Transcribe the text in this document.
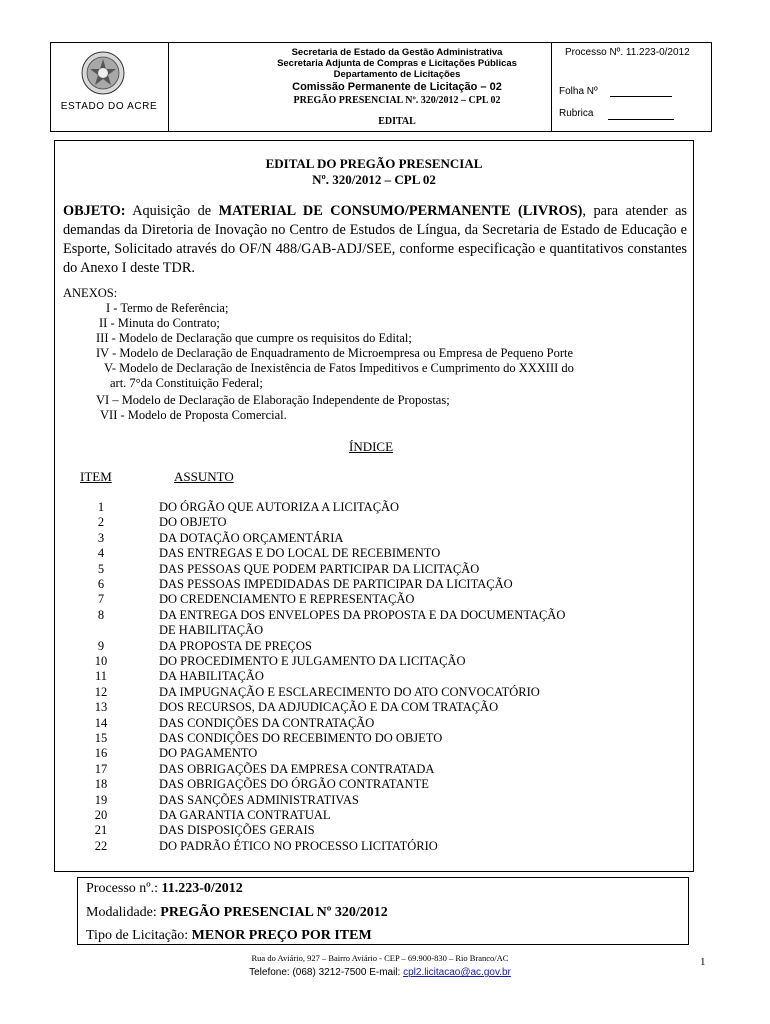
ESTADO DO ACRE
Secretaria de Estado da Gestão Administrativa
Secretaria Adjunta de Compras e Licitações Públicas
Departamento de Licitações
Comissão Permanente de Licitação – 02
PREGÃO PRESENCIAL Nº. 320/2012 – CPL 02
EDITAL
Processo Nº. 11.223-0/2012
Folha Nº
Rubrica
EDITAL DO PREGÃO PRESENCIAL
Nº. 320/2012 – CPL 02
OBJETO: Aquisição de MATERIAL DE CONSUMO/PERMANENTE (LIVROS), para atender as demandas da Diretoria de Inovação no Centro de Estudos de Língua, da Secretaria de Estado de Educação e Esporte, Solicitado através do OF/N 488/GAB-ADJ/SEE, conforme especificação e quantitativos constantes do Anexo I deste TDR.
ANEXOS:
I - Termo de Referência;
II - Minuta do Contrato;
III - Modelo de Declaração que cumpre os requisitos do Edital;
IV - Modelo de Declaração de Enquadramento de Microempresa ou Empresa de Pequeno Porte
V- Modelo de Declaração de Inexistência de Fatos Impeditivos e Cumprimento do XXXIII do
art. 7°da Constituição Federal;
VI – Modelo de Declaração de Elaboração Independente de Propostas;
VII - Modelo de Proposta Comercial.
ÍNDICE
ITEM	ASSUNTO
1	DO ÓRGÃO QUE AUTORIZA A LICITAÇÃO
2	DO OBJETO
3	DA DOTAÇÃO ORÇAMENTÁRIA
4	DAS ENTREGAS E DO LOCAL DE RECEBIMENTO
5	DAS PESSOAS QUE PODEM PARTICIPAR DA LICITAÇÃO
6	DAS PESSOAS IMPEDIDADAS DE PARTICIPAR DA LICITAÇÃO
7	DO CREDENCIAMENTO E REPRESENTAÇÃO
8	DA ENTREGA DOS ENVELOPES DA PROPOSTA E DA DOCUMENTAÇÃO
DE HABILITAÇÃO
9	DA PROPOSTA DE PREÇOS
10	DO PROCEDIMENTO E JULGAMENTO DA LICITAÇÃO
11	DA HABILITAÇÃO
12	DA IMPUGNAÇÃO E ESCLARECIMENTO DO ATO CONVOCATÓRIO
13	DOS RECURSOS, DA ADJUDICAÇÃO E DA COM TRATAÇÃO
14	DAS CONDIÇÕES DA CONTRATAÇÃO
15	DAS CONDIÇÕES DO RECEBIMENTO DO OBJETO
16	DO PAGAMENTO
17	DAS OBRIGAÇÕES DA EMPRESA CONTRATADA
18	DAS OBRIGAÇÕES DO ÓRGÃO CONTRATANTE
19	DAS SANÇÕES ADMINISTRATIVAS
20	DA GARANTIA CONTRATUAL
21	DAS DISPOSIÇÕES GERAIS
22	DO PADRÃO ÉTICO NO PROCESSO LICITATÓRIO
Processo nº.: 11.223-0/2012
Modalidade: PREGÃO PRESENCIAL Nº 320/2012
Tipo de Licitação: MENOR PREÇO POR ITEM
Rua do Aviário, 927 – Bairro Aviário - CEP – 69.900-830 – Rio Branco/AC
Telefone: (068) 3212-7500 E-mail: cpl2.licitacao@ac.gov.br
1
